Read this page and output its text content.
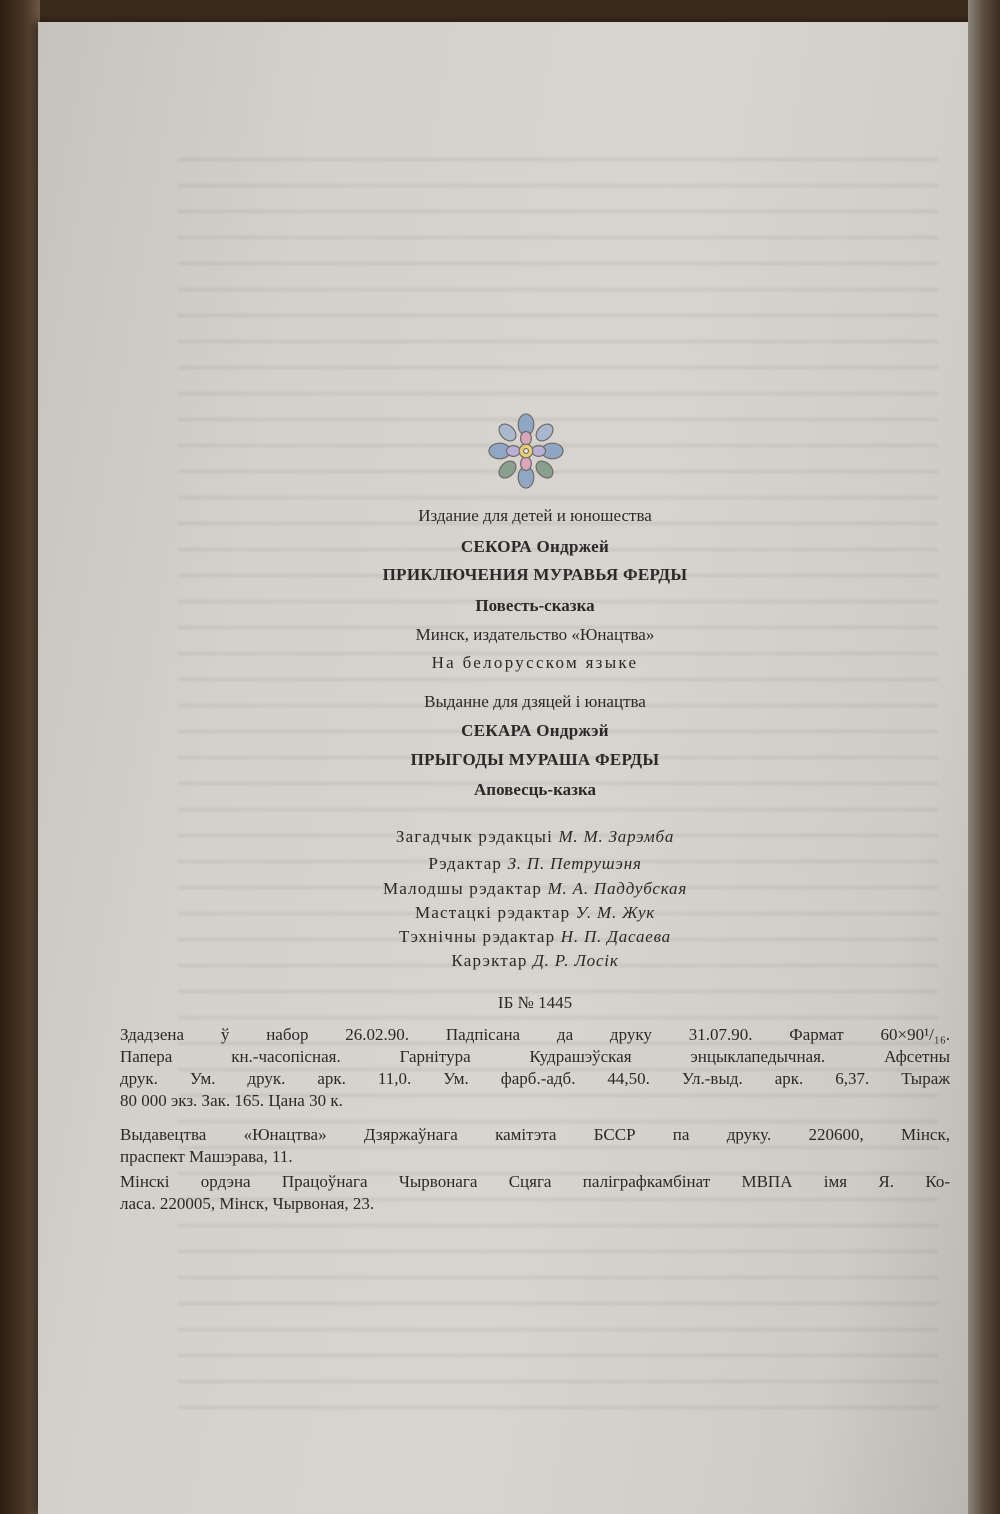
Издание для детей и юношества
СЕКОРА Ондржей
ПРИКЛЮЧЕНИЯ МУРАВЬЯ ФЕРДЫ
Повесть-сказка
Минск, издательство «Юнацтва»
На белорусском языке
Выданне для дзяцей і юнацтва
СЕКАРА Ондржэй
ПРЫГОДЫ МУРАША ФЕРДЫ
Аповесць-казка
Загадчык рэдакцыі М. М. Зарэмба
Рэдактар З. П. Петрушэня
Малодшы рэдактар М. А. Паддубская
Мастацкі рэдактар У. М. Жук
Тэхнічны рэдактар Н. П. Дасаева
Карэктар Д. Р. Лосік
ІБ № 1445
Здадзена ў набор 26.02.90. Падпісана да друку 31.07.90. Фармат 60×90¹/₁₆.
Папера кн.-часопісная. Гарнітура Кудрашэўская энцыклапедычная. Афсетны
друк. Ум. друк. арк. 11,0. Ум. фарб.-адб. 44,50. Ул.-выд. арк. 6,37. Тыраж
80 000 экз. Зак. 165. Цана 30 к.
Выдавецтва «Юнацтва» Дзяржаўнага камітэта БССР па друку. 220600, Мінск,
праспект Машэрава, 11.
Мінскі ордэна Працоўнага Чырвонага Сцяга паліграфкамбінат МВПА імя Я. Ко-
ласа. 220005, Мінск, Чырвоная, 23.
